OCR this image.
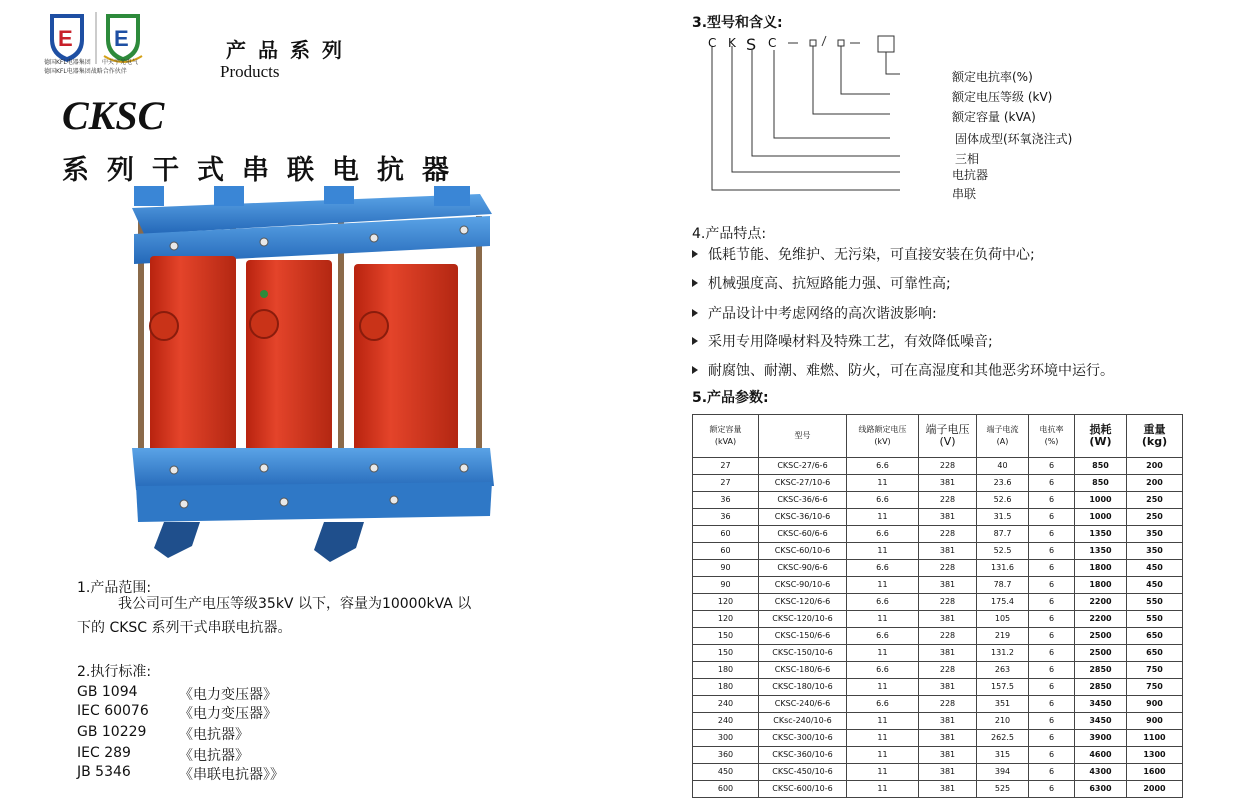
E E
德国KFL电器集团 中天宇光电气
德国KFL电器集团战略合作伙伴
产品系列
Products
CKSC
系列干式串联电抗器
1.产品范围:
我公司可生产电压等级35kV 以下，容量为10000kVA 以
下的 CKSC 系列干式串联电抗器。
2.执行标准:
GB 1094	《电力变压器》
IEC 60076 《电力变压器》
GB 10229 《电抗器》
IEC 289	《电抗器》
JB 5346	《串联电抗器》》
3.型号和含义:
C K S C
额定电抗率(%)
额定电压等级 (kV)
额定容量 (kVA)
固体成型(环氧浇注式)
三相
电抗器
串联
4.产品特点:
低耗节能、免维护、无污染，可直接安装在负荷中心;
机械强度高、抗短路能力强、可靠性高;
产品设计中考虑网络的高次谐波影响:
采用专用降噪材料及特殊工艺，有效降低噪音;
耐腐蚀、耐潮、难燃、防火，可在高湿度和其他恶劣环境中运行。
5.产品参数:
额定容量
(kVA)	型号	线路额定电压
(kV)	端子电压
(V)	端子电流
(A)	电抗率
(%)	损耗
(W)	重量
(kg)
27	CKSC-27/6-6	6.6	228	40	6	850	200
27	CKSC-27/10-6	11	381	23.6	6	850	200
36	CKSC-36/6-6	6.6	228	52.6	6	1000	250
36	CKSC-36/10-6	11	381	31.5	6	1000	250
60	CKSC-60/6-6	6.6	228	87.7	6	1350	350
60	CKSC-60/10-6	11	381	52.5	6	1350	350
90	CKSC-90/6-6	6.6	228	131.6	6	1800	450
90	CKSC-90/10-6	11	381	78.7	6	1800	450
120	CKSC-120/6-6	6.6	228	175.4	6	2200	550
120	CKSC-120/10-6	11	381	105	6	2200	550
150	CKSC-150/6-6	6.6	228	219	6	2500	650
150	CKSC-150/10-6	11	381	131.2	6	2500	650
180	CKSC-180/6-6	6.6	228	263	6	2850	750
180	CKSC-180/10-6	11	381	157.5	6	2850	750
240	CKSC-240/6-6	6.6	228	351	6	3450	900
240	CKsc-240/10-6	11	381	210	6	3450	900
300	CKSC-300/10-6	11	381	262.5	6	3900	1100
360	CKSC-360/10-6	11	381	315	6	4600	1300
450	CKSC-450/10-6	11	381	394	6	4300	1600
600	CKSC-600/10-6	11	381	525	6	6300	2000
